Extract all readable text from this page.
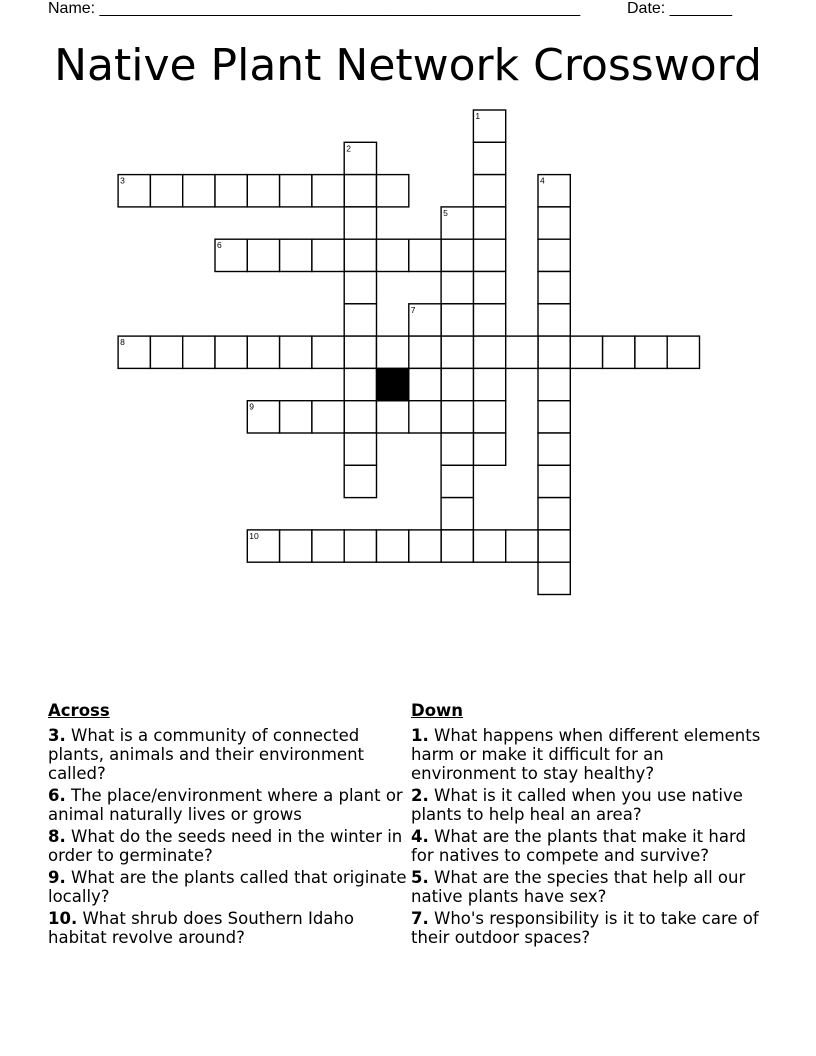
Name: ______________________________________________________	Date: _______
Native Plant Network Crossword
1
2
3	4
5
6
7
8
9
10
Across
3. What is a community of connected plants, animals and their environment called?
6. The place/environment where a plant or animal naturally lives or grows
8. What do the seeds need in the winter in order to germinate?
9. What are the plants called that originate locally?
10. What shrub does Southern Idaho habitat revolve around?
Down
1. What happens when different elements harm or make it difficult for an environment to stay healthy?
2. What is it called when you use native plants to help heal an area?
4. What are the plants that make it hard for natives to compete and survive?
5. What are the species that help all our native plants have sex?
7. Who's responsibility is it to take care of their outdoor spaces?
